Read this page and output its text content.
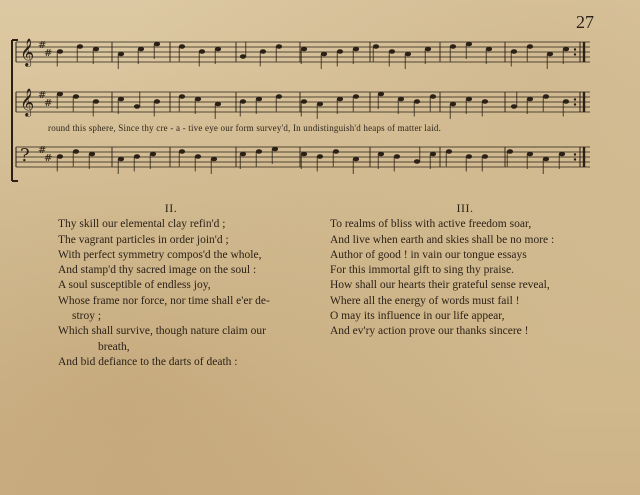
27
𝄞 #
#
𝄞 #
#
? #
#
round this sphere, Since thy cre - a - tive eye our form survey'd, In undistinguish'd heaps of matter laid.
II.
Thy skill our elemental clay refin'd ;
The vagrant particles in order join'd ;
With perfect symmetry compos'd the whole,
And stamp'd thy sacred image on the soul :
A soul susceptible of endless joy,
Whose frame nor force, nor time shall e'er de-
stroy ;
Which shall survive, though nature claim our
breath,
And bid defiance to the darts of death :
III.
To realms of bliss with active freedom soar,
And live when earth and skies shall be no more :
Author of good ! in vain our tongue essays
For this immortal gift to sing thy praise.
How shall our hearts their grateful sense reveal,
Where all the energy of words must fail !
O may its influence in our life appear,
And ev'ry action prove our thanks sincere !
